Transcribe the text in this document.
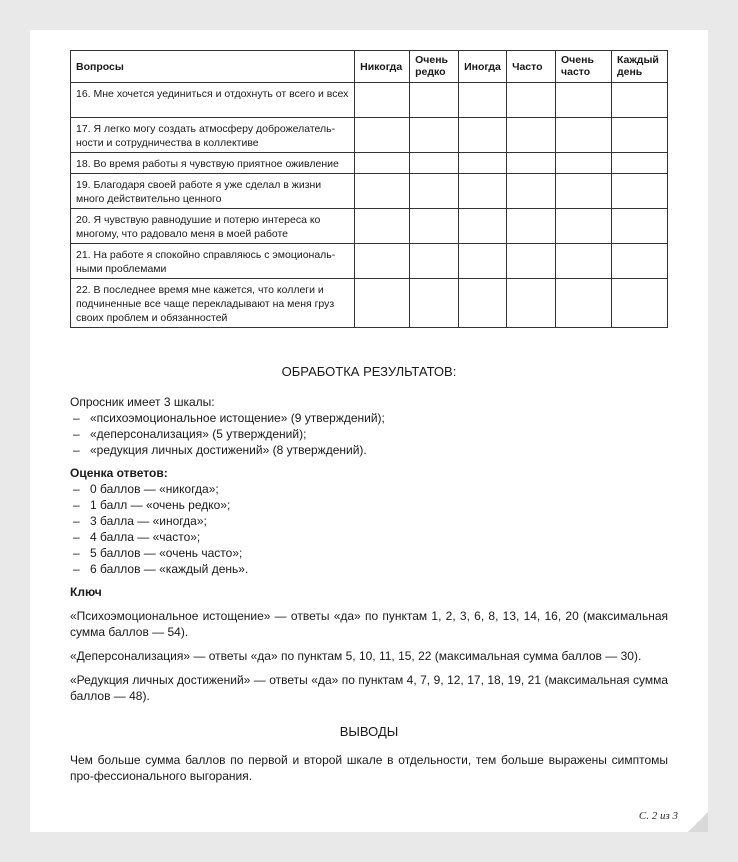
Вопросы	Никогда	Очень редко	Иногда	Часто	Очень часто	Каждый день
16. Мне хочется уединиться и отдохнуть от всего и всех						
17. Я легко могу создать атмосферу доброжелатель-ности и сотрудничества в коллективе						
18. Во время работы я чувствую приятное оживление						
19. Благодаря своей работе я уже сделал в жизни много действительно ценного						
20. Я чувствую равнодушие и потерю интереса ко многому, что радовало меня в моей работе						
21. На работе я спокойно справляюсь с эмоциональ-ными проблемами						
22. В последнее время мне кажется, что коллеги и подчиненные все чаще перекладывают на меня груз своих проблем и обязанностей						

ОБРАБОТКА РЕЗУЛЬТАТОВ:

Опросник имеет 3 шкалы:

– «психоэмоциональное истощение» (9 утверждений);
– «деперсонализация» (5 утверждений);
– «редукция личных достижений» (8 утверждений).

Оценка ответов:

– 0 баллов — «никогда»;
– 1 балл — «очень редко»;
– 3 балла — «иногда»;
– 4 балла — «часто»;
– 5 баллов — «очень часто»;
– 6 баллов — «каждый день».

Ключ

«Психоэмоциональное истощение» — ответы «да» по пунктам 1, 2, 3, 6, 8, 13, 14, 16, 20 (максимальная сумма баллов — 54).

«Деперсонализация» — ответы «да» по пунктам 5, 10, 11, 15, 22 (максимальная сумма баллов — 30).

«Редукция личных достижений» — ответы «да» по пунктам 4, 7, 9, 12, 17, 18, 19, 21 (максимальная сумма баллов — 48).

ВЫВОДЫ

Чем больше сумма баллов по первой и второй шкале в отдельности, тем больше выражены симптомы про-фессионального выгорания.

С. 2 из 3
